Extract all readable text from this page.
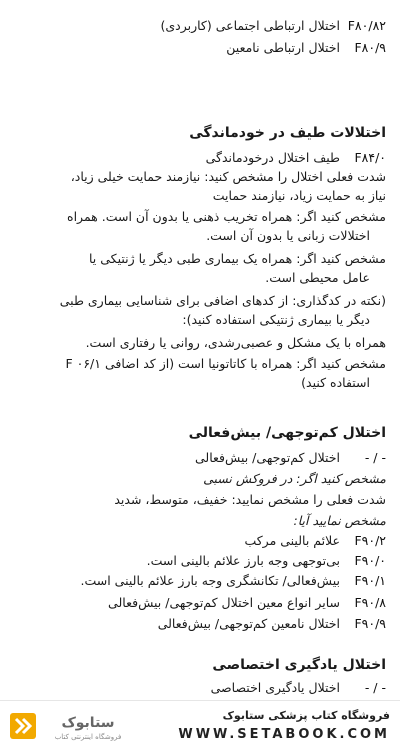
F۸۰/۸۲اختلال ارتباطی اجتماعی (کاربردی)
F۸۰/۹اختلال ارتباطی نامعین
اختلالات طیف در خودماندگی
F۸۴/۰طیف اختلال درخودماندگی
شدت فعلی اختلال را مشخص کنید: نیازمند حمایت خیلی زیاد،
نیاز به حمایت زیاد، نیازمند حمایت
مشخص کنید اگر: همراه تخریب ذهنی یا بدون آن است. همراه
اختلالات زبانی یا بدون آن است.
مشخص کنید اگر: همراه یک بیماری طبی دیگر یا ژنتیکی یا
عامل محیطی است.
(نکته در کدگذاری: از کدهای اضافی برای شناسایی بیماری طبی
دیگر یا بیماری ژنتیکی استفاده کنید):
همراه با یک مشکل و عصبی‌رشدی، روانی یا رفتاری است.
مشخص کنید اگر: همراه با کاتاتونیا است (از کد اضافی F ۰۶/۱
استفاده کنید)
اختلال کم‌توجهی/ بیش‌فعالی
- / -اختلال کم‌توجهی/ بیش‌فعالی
مشخص کنید اگر: در فروکش نسبی
شدت فعلی را مشخص نمایید: خفیف، متوسط، شدید
مشخص نمایید آیا:
F۹۰/۲علائم بالینی مرکب
F۹۰/۰بی‌توجهی وجه بارز علائم بالینی است.
F۹۰/۱بیش‌فعالی/ تکانشگری وجه بارز علائم بالینی است.
F۹۰/۸سایر انواع معین اختلال کم‌توجهی/ بیش‌فعالی
F۹۰/۹اختلال نامعین کم‌توجهی/ بیش‌فعالی
اختلال یادگیری اختصاصی
- / -اختلال یادگیری اختصاصی
ستابوک
فروشگاه اینترنتی کتاب
فروشگاه کتاب پزشکی ستابوک
WWW.SETABOOK.COM
